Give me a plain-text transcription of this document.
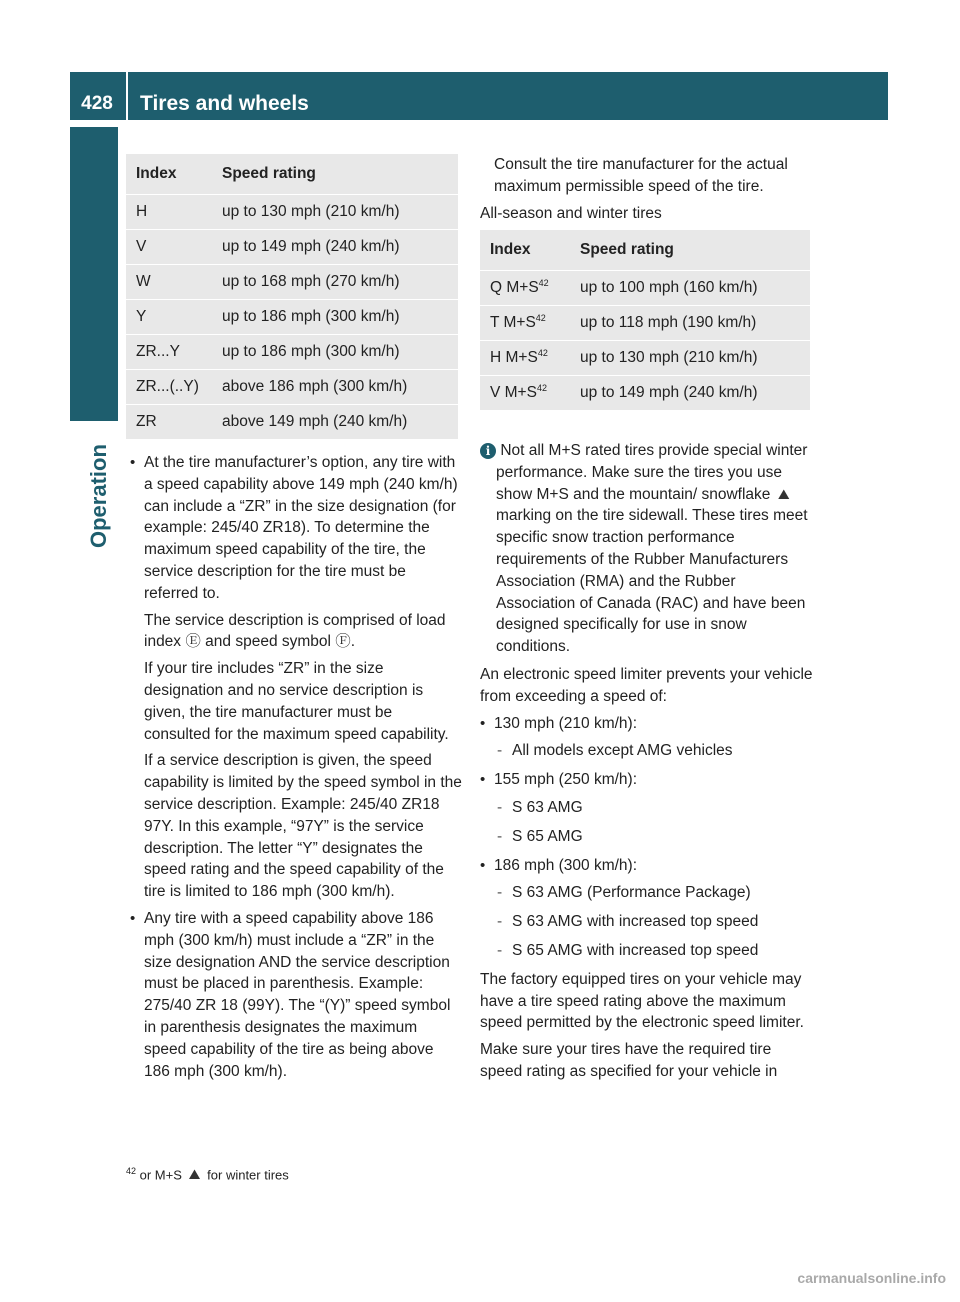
428	Tires and wheels
Operation
Index	Speed rating
H	up to 130 mph (210 km/h)
V	up to 149 mph (240 km/h)
W	up to 168 mph (270 km/h)
Y	up to 186 mph (300 km/h)
ZR...Y	up to 186 mph (300 km/h)
ZR...(..Y)	above 186 mph (300 km/h)
ZR	above 149 mph (240 km/h)

• At the tire manufacturer’s option, any tire with a speed capability above 149 mph (240 km/h) can include a “ZR” in the size designation (for example: 245/40 ZR18). To determine the maximum speed capability of the tire, the service description for the tire must be referred to.

The service description is comprised of load index Ⓔ and speed symbol Ⓕ.

If your tire includes “ZR” in the size designation and no service description is given, the tire manufacturer must be consulted for the maximum speed capability.

If a service description is given, the speed capability is limited by the speed symbol in the service description. Example: 245/40 ZR18 97Y. In this example, “97Y” is the service description. The letter “Y” designates the speed rating and the speed capability of the tire is limited to 186 mph (300 km/h).

• Any tire with a speed capability above 186 mph (300 km/h) must include a “ZR” in the size designation AND the service description must be placed in parenthesis. Example: 275/40 ZR 18 (99Y). The “(Y)” speed symbol in parenthesis designates the maximum speed capability of the tire as being above 186 mph (300 km/h).

Consult the tire manufacturer for the actual maximum permissible speed of the tire.

All-season and winter tires

Index	Speed rating
Q $M+S^{42}$	up to 100 mph (160 km/h)
T $M+S^{42}$	up to 118 mph (190 km/h)
H $M+S^{42}$	up to 130 mph (210 km/h)
V $M+S^{42}$	up to 149 mph (240 km/h)

i Not all M+S rated tires provide special winter performance. Make sure the tires you use show M+S and the mountain/ snowflake ⛰ marking on the tire sidewall. These tires meet specific snow traction performance requirements of the Rubber Manufacturers Association (RMA) and the Rubber Association of Canada (RAC) and have been designed specifically for use in snow conditions.

An electronic speed limiter prevents your vehicle from exceeding a speed of:

• 130 mph (210 km/h):
- All models except AMG vehicles
• 155 mph (250 km/h):
- S 63 AMG
- S 65 AMG
• 186 mph (300 km/h):
- S 63 AMG (Performance Package)
- S 63 AMG with increased top speed
- S 65 AMG with increased top speed

The factory equipped tires on your vehicle may have a tire speed rating above the maximum speed permitted by the electronic speed limiter.

Make sure your tires have the required tire speed rating as specified for your vehicle in

$^{42}$ or M+S ⛰ for winter tires
carmanualsonline.info
